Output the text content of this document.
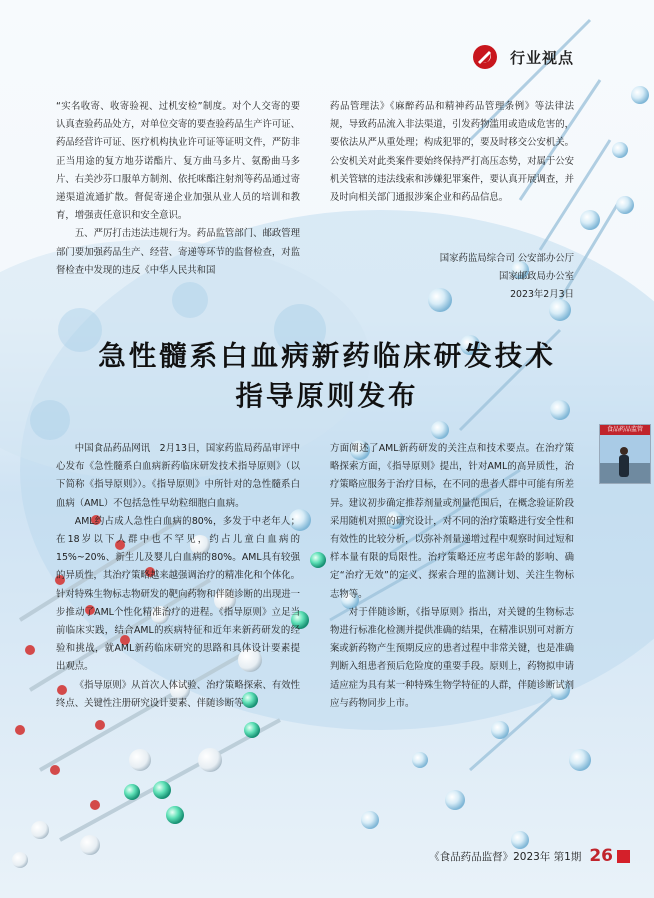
行业视点

“实名收寄、收寄验视、过机安检”制度。对个人交寄的要认真查验药品处方，对单位交寄的要查验药品生产许可证、药品经营许可证、医疗机构执业许可证等证明文件，严防非正当用途的复方地芬诺酯片、复方曲马多片、氨酚曲马多片、右美沙芬口服单方制剂、依托咪酯注射剂等药品通过寄递渠道流通扩散。督促寄递企业加强从业人员的培训和教育，增强责任意识和安全意识。

五、严厉打击违法违规行为。药品监管部门、邮政管理部门要加强药品生产、经营、寄递等环节的监督检查，对监督检查中发现的违反《中华人民共和国

药品管理法》《麻醉药品和精神药品管理条例》等法律法规，导致药品流入非法渠道，引发药物滥用或造成危害的，要依法从严从重处理；构成犯罪的，要及时移交公安机关。公安机关对此类案件要始终保持严打高压态势，对属于公安机关管辖的违法线索和涉嫌犯罪案件，要认真开展调查，并及时向相关部门通报涉案企业和药品信息。

国家药监局综合司 公安部办公厅
国家邮政局办公室
2023年2月3日
急性髓系白血病新药临床研发技术
指导原则发布

中国食品药品网讯　2月13日，国家药监局药品审评中心发布《急性髓系白血病新药临床研发技术指导原则》（以下简称《指导原则》）。《指导原则》中所针对的急性髓系白血病（AML）不包括急性早幼粒细胞白血病。

AML约占成人急性白血病的80%，多发于中老年人；在18岁以下人群中也不罕见，约占儿童白血病的15%~20%、新生儿及婴儿白血病的80%。AML具有较强的异质性，其治疗策略越来越强调治疗的精准化和个体化。针对特殊生物标志物研发的靶向药物和伴随诊断的出现进一步推动了AML个性化精准治疗的进程。《指导原则》立足当前临床实践，结合AML的疾病特征和近年来新药研发的经验和挑战，就AML新药临床研究的思路和具体设计要素提出观点。

《指导原则》从首次人体试验、治疗策略探索、有效性终点、关键性注册研究设计要素、伴随诊断等

方面阐述了AML新药研发的关注点和技术要点。在治疗策略探索方面，《指导原则》提出，针对AML的高异质性，治疗策略应服务于治疗目标，在不同的患者人群中可能有所差异。建议初步确定推荐剂量或剂量范围后，在概念验证阶段采用随机对照的研究设计，对不同的治疗策略进行安全性和有效性的比较分析，以弥补剂量递增过程中观察时间过短和样本量有限的局限性。治疗策略还应考虑年龄的影响、确定“治疗无效”的定义、探索合理的监测计划、关注生物标志物等。

对于伴随诊断，《指导原则》指出，对关键的生物标志物进行标准化检测并提供准确的结果，在精准识别可对新方案或新药物产生预期反应的患者过程中非常关键，也是准确判断入组患者预后危险度的重要手段。原则上，药物拟申请适应症为具有某一种特殊生物学特征的人群，伴随诊断试剂应与药物同步上市。

食品药品监管
《食品药品监督》2023年 第1期 26
